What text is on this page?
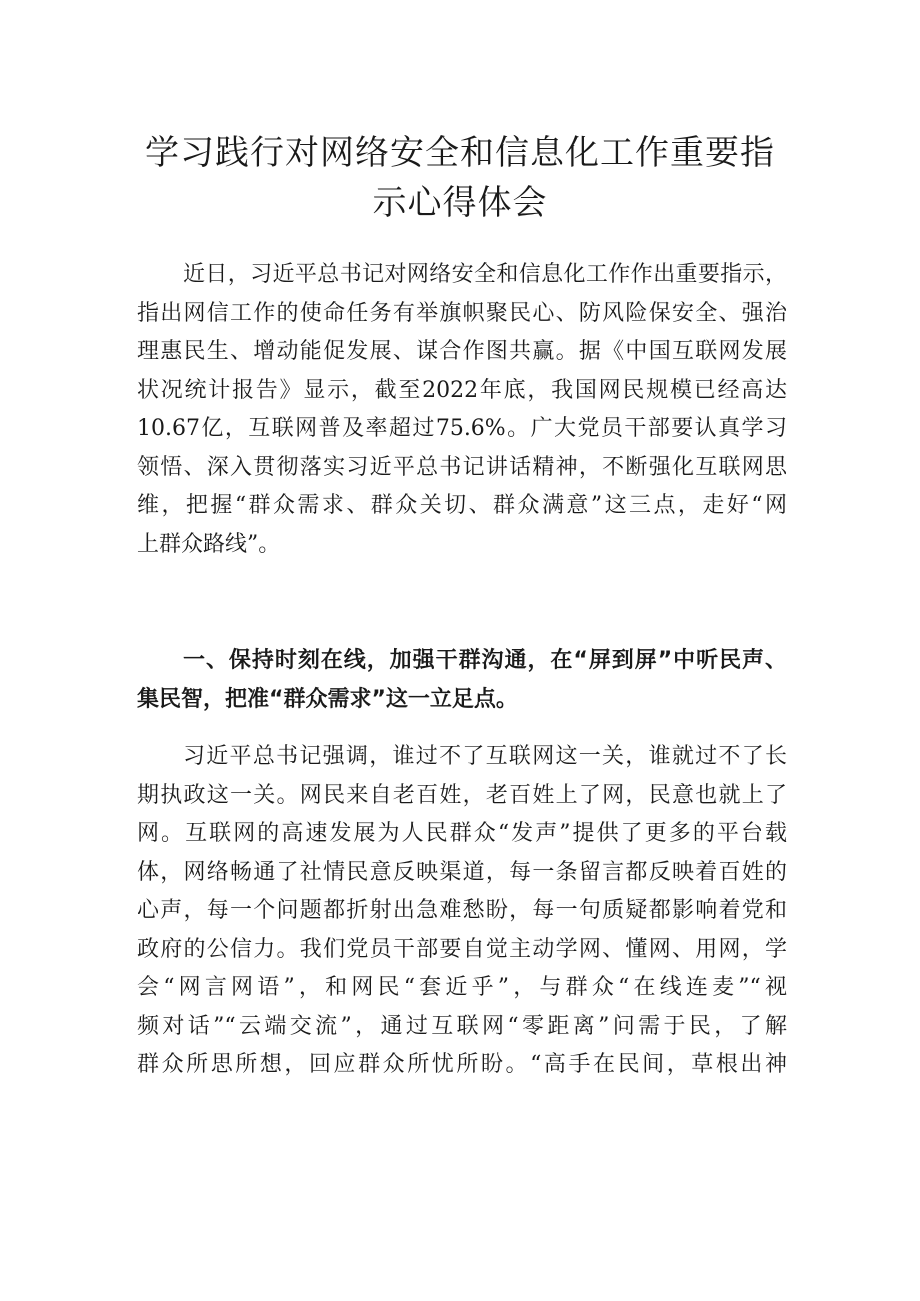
学习践行对网络安全和信息化工作重要指
示心得体会

近日，习近平总书记对网络安全和信息化工作作出重要指示，
指出网信工作的使命任务有举旗帜聚民心、防风险保安全、强治
理惠民生、增动能促发展、谋合作图共赢。据《中国互联网发展
状况统计报告》显示，截至2022年底，我国网民规模已经高达
10.67亿，互联网普及率超过75.6%。广大党员干部要认真学习
领悟、深入贯彻落实习近平总书记讲话精神，不断强化互联网思
维，把握“群众需求、群众关切、群众满意”这三点，走好“网
上群众路线”。

一、保持时刻在线，加强干群沟通，在“屏到屏”中听民声、
集民智，把准“群众需求”这一立足点。

习近平总书记强调，谁过不了互联网这一关，谁就过不了长
期执政这一关。网民来自老百姓，老百姓上了网，民意也就上了
网。互联网的高速发展为人民群众“发声”提供了更多的平台载
体，网络畅通了社情民意反映渠道，每一条留言都反映着百姓的
心声，每一个问题都折射出急难愁盼，每一句质疑都影响着党和
政府的公信力。我们党员干部要自觉主动学网、懂网、用网，学
会“网言网语”，和网民“套近乎”，与群众“在线连麦”“视
频对话”“云端交流”，通过互联网“零距离”问需于民，了解
群众所思所想，回应群众所忧所盼。“高手在民间，草根出神
